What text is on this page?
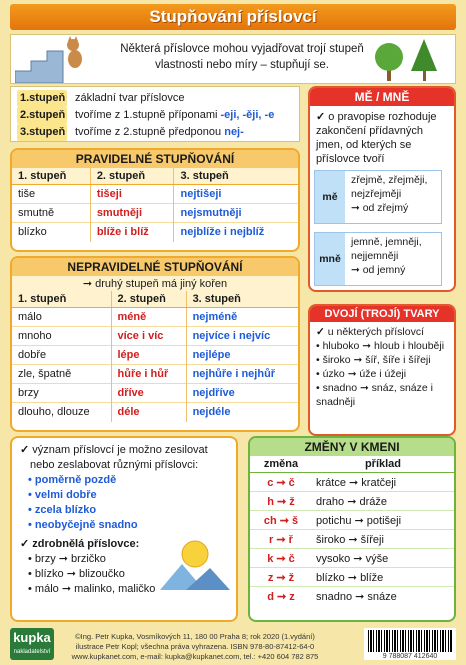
Stupňování příslovcí

Některá příslovce mohou vyjadřovat trojí stupeň
vlastnosti nebo míry – stupňují se.

1.stupeň základní tvar příslovce
2.stupeň tvoříme z 1.stupně příponami -eji, -ěji, -e
3.stupeň tvoříme z 2.stupně předponou nej-
PRAVIDELNÉ STUPŇOVÁNÍ
1. stupeň	2. stupeň	3. stupeň
tiše	tišeji	nejtišeji
smutně	smutněji	nejsmutněji
blízko	blíže i blíž	nejblíže i nejblíž
NEPRAVIDELNÉ STUPŇOVÁNÍ
➞ druhý stupeň má jiný kořen
1. stupeň	2. stupeň	3. stupeň
málo	méně	nejméně
mnoho	více i víc	nejvíce i nejvíc
dobře	lépe	nejlépe
zle, špatně	hůře i hůř	nejhůře i nejhůř
brzy	dříve	nejdříve
dlouho, dlouze	déle	nejdéle
MĚ / MNĚ
✓ o pravopise rozhoduje zakončení přídavných jmen, od kterých se příslovce tvoří
mě
zřejmě, zřejměji, nejzřejměji
➞ od zřejmý
mně
jemně, jemněji, nejjemněji
➞ od jemný
DVOJÍ (TROJÍ) TVARY
✓ u některých příslovcí
• hluboko ➞ hloub i hlouběji
• široko ➞ šíř, šíře i šířeji
• úzko ➞ úže i úžeji
• snadno ➞ snáz, snáze i snadněji
✓ význam příslovcí je možno zesilovat
nebo zeslabovat různými příslovci:
• poměrně pozdě
• velmi dobře
• zcela blízko
• neobyčejně snadno
✓ zdrobnělá příslovce:
• brzy ➞ brzičko
• blízko ➞ blizoučko
• málo ➞ malinko, maličko
ZMĚNY V KMENI
změna	příklad
c ➞ č	krátce ➞ kratčeji
h ➞ ž	draho ➞ dráže
ch ➞ š	potichu ➞ potišeji
r ➞ ř	široko ➞ šířeji
k ➞ č	vysoko ➞ výše
z ➞ ž	blízko ➞ blíže
d ➞ z	snadno ➞ snáze
kupka
nakladatelství
©Ing. Petr Kupka, Vosmíkových 11, 180 00 Praha 8; rok 2020 (1.vydání)
ilustrace Petr Kopl; všechna práva vyhrazena. ISBN 978-80-87412-64-0
www.kupkanet.com, e-mail: kupka@kupkanet.com, tel.: +420 604 782 875	9 788087 412640
